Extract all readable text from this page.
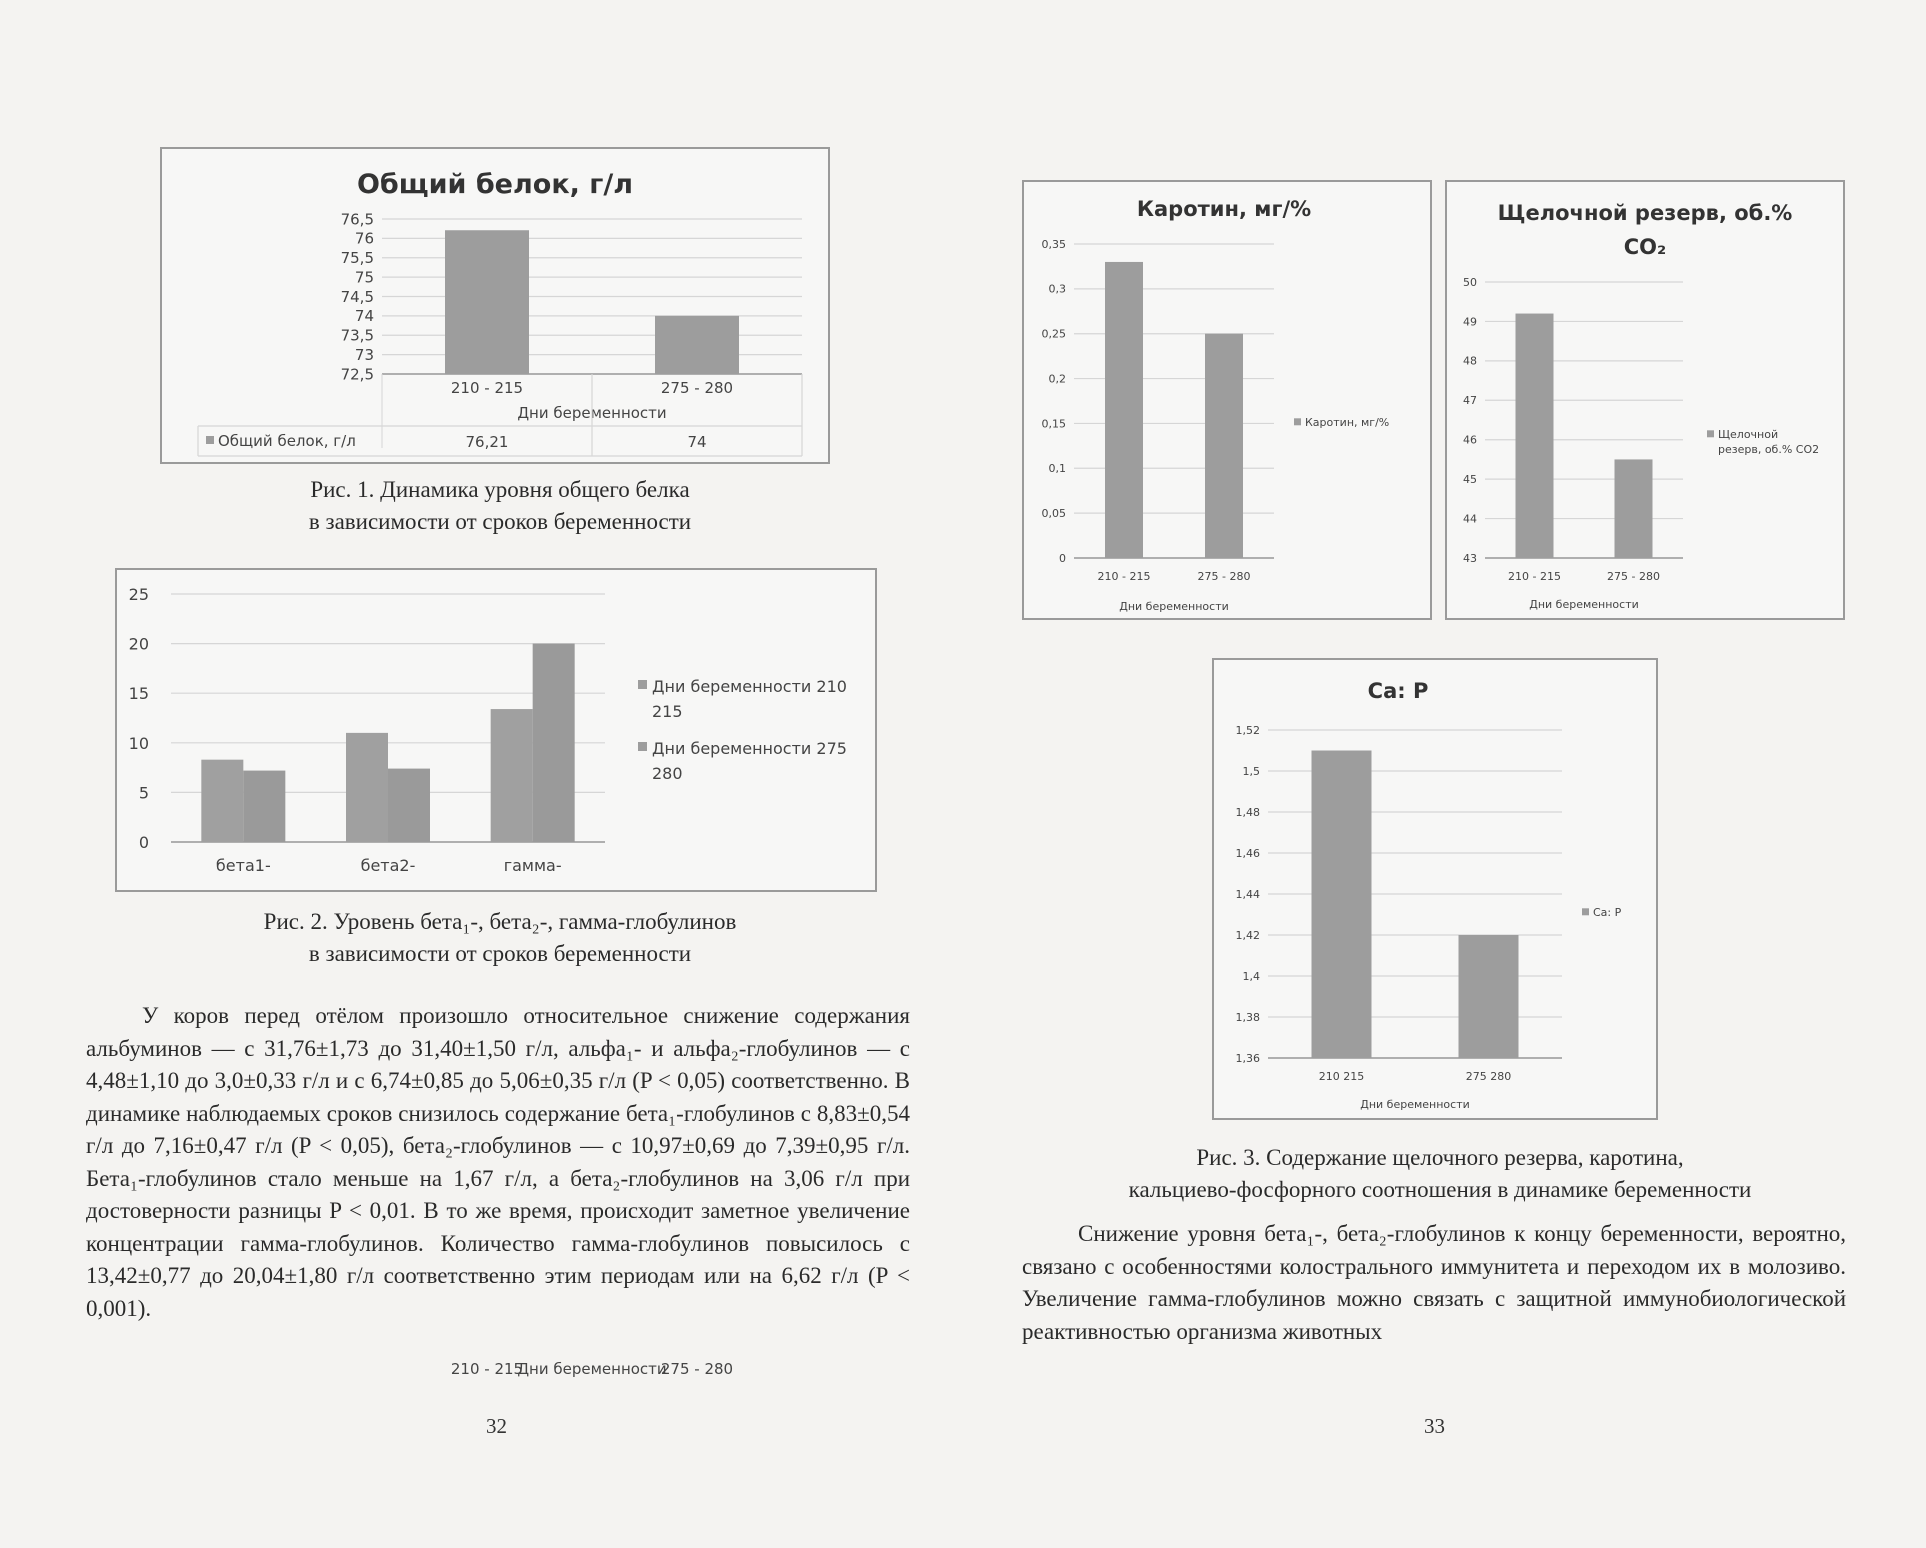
Общий белок, г/л
76,5
76
75,5
75
74,5
74
73,5
73
72,5
210 - 215	275 - 280
Дни беременности
210 - 215	275 - 280
Дни беременности
Общий белок, г/л	76,21	74
Рис. 1. Динамика уровня общего белка
в зависимости от сроков беременности
25
20
15
10
5
0
бета1-	бета2-	гамма-
Дни беременности 210
215
Дни беременности 275
280
Рис. 2. Уровень бета₁-, бета₂-, гамма-глобулинов
в зависимости от сроков беременности

У коров перед отёлом произошло относительное снижение содержания альбуминов — с 31,76±1,73 до 31,40±1,50 г/л, альфа₁- и альфа₂-глобулинов — с 4,48±1,10 до 3,0±0,33 г/л и с 6,74±0,85 до 5,06±0,35 г/л (P < 0,05) соответственно. В динамике наблюдаемых сроков снизилось содержание бета₁-глобулинов с 8,83±0,54 г/л до 7,16±0,47 г/л (P < 0,05), бета₂-глобулинов — с 10,97±0,69 до 7,39±0,95 г/л. Бета₁-глобулинов стало меньше на 1,67 г/л, а бета₂-глобулинов на 3,06 г/л при достоверности разницы P < 0,01. В то же время, происходит заметное увеличение концентрации гамма-глобулинов. Количество гамма-глобулинов повысилось с 13,42±0,77 до 20,04±1,80 г/л соответственно этим периодам или на 6,62 г/л (P < 0,001).

32
Каротин, мг/%
0,35
0,3
0,25
0,2
0,15
0,1
0,05
0
210 - 215	275 - 280
Дни беременности
Каротин, мг/%
Щелочной резерв, об.%
CO₂
50
49
48
47
46
45
44
43
210 - 215	275 - 280
Дни беременности
Щелочной
резерв, об.% CO2
Ca: P
1,52
1,5
1,48
1,46
1,44
1,42
1,4
1,38
1,36
210 215	275 280
Дни беременности
Ca: P
Рис. 3. Содержание щелочного резерва, каротина,
кальциево-фосфорного соотношения в динамике беременности

Снижение уровня бета₁-, бета₂-глобулинов к концу беременности, вероятно, связано с особенностями колострального иммунитета и переходом их в молозиво. Увеличение гамма-глобулинов можно связать с защитной иммунобиологической реактивностью организма животных

33
